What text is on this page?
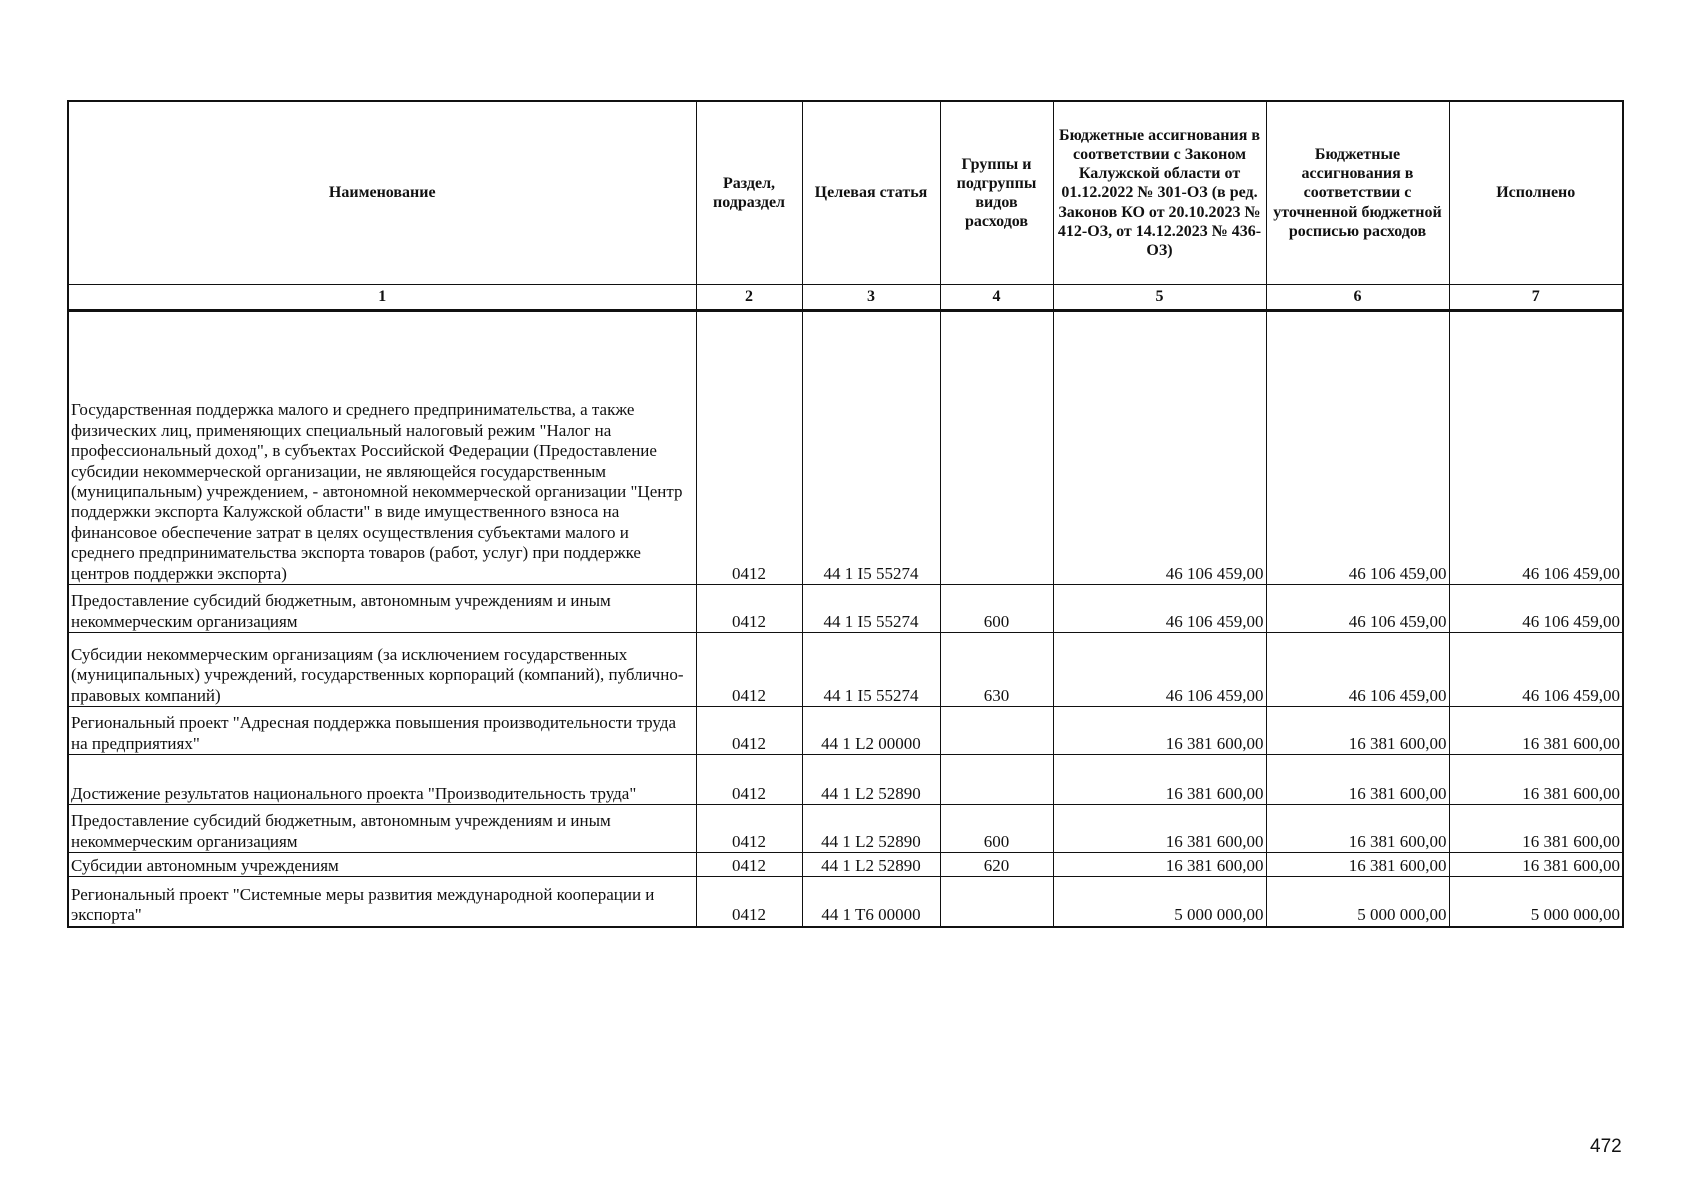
Наименование	Раздел, подраздел	Целевая статья	Группы и подгруппы видов расходов	Бюджетные ассигнования в соответствии с Законом Калужской области от 01.12.2022 № 301-ОЗ (в ред. Законов КО от 20.10.2023 № 412-ОЗ, от 14.12.2023 № 436-ОЗ)	Бюджетные ассигнования в соответствии с уточненной бюджетной росписью расходов	Исполнено
1	2	3	4	5	6	7
Государственная поддержка малого и среднего предпринимательства, а также физических лиц, применяющих специальный налоговый режим "Налог на профессиональный доход", в субъектах Российской Федерации (Предоставление субсидии некоммерческой организации, не являющейся государственным (муниципальным) учреждением, - автономной некоммерческой организации "Центр поддержки экспорта Калужской области" в виде имущественного взноса на финансовое обеспечение затрат в целях осуществления субъектами малого и среднего предпринимательства экспорта товаров (работ, услуг) при поддержке центров поддержки экспорта)	0412	44 1 I5 55274		46 106 459,00	46 106 459,00	46 106 459,00
Предоставление субсидий бюджетным, автономным учреждениям и иным некоммерческим организациям	0412	44 1 I5 55274	600	46 106 459,00	46 106 459,00	46 106 459,00
Субсидии некоммерческим организациям (за исключением государственных (муниципальных) учреждений, государственных корпораций (компаний), публично-правовых компаний)	0412	44 1 I5 55274	630	46 106 459,00	46 106 459,00	46 106 459,00
Региональный проект "Адресная поддержка повышения производительности труда на предприятиях"	0412	44 1 L2 00000		16 381 600,00	16 381 600,00	16 381 600,00
Достижение результатов национального проекта "Производительность труда"	0412	44 1 L2 52890		16 381 600,00	16 381 600,00	16 381 600,00
Предоставление субсидий бюджетным, автономным учреждениям и иным некоммерческим организациям	0412	44 1 L2 52890	600	16 381 600,00	16 381 600,00	16 381 600,00
Субсидии автономным учреждениям	0412	44 1 L2 52890	620	16 381 600,00	16 381 600,00	16 381 600,00
Региональный проект "Системные меры развития международной кооперации и экспорта"	0412	44 1 T6 00000		5 000 000,00	5 000 000,00	5 000 000,00
472
